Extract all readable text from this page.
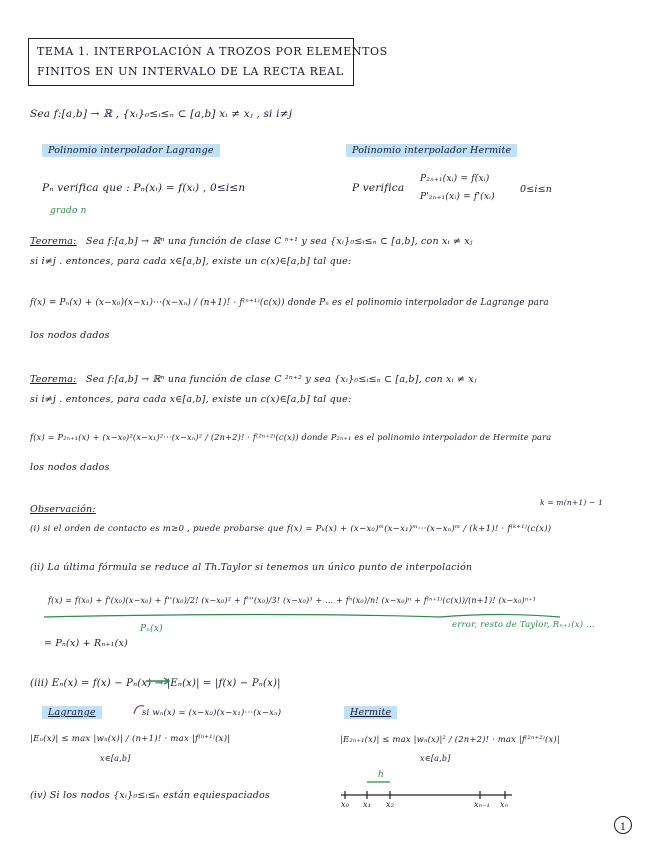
TEMA 1. INTERPOLACIÓN A TROZOS POR ELEMENTOS
FINITOS EN UN INTERVALO DE LA RECTA REAL
Sea f:[a,b] → ℝ , {xᵢ}₀≤ᵢ≤ₙ ⊂ [a,b] xᵢ ≠ xⱼ , si i≠j
Polinomio interpolador Lagrange	Polinomio interpolador Hermite
Pₙ verifica que : Pₙ(xᵢ) = f(xᵢ) , 0≤i≤n
grado n
P verifica
P₂ₙ₊₁(xᵢ) = f(xᵢ)
P'₂ₙ₊₁(xᵢ) = f'(xᵢ)
0≤i≤n
Teorema: Sea f:[a,b] → ℝⁿ una función de clase C ⁿ⁺¹ y sea {xᵢ}₀≤ᵢ≤ₙ ⊂ [a,b], con xᵢ ≠ xⱼ
si i≠j . entonces, para cada x∈[a,b], existe un c(x)∈[a,b] tal que:
f(x) = Pₙ(x) + (x−x₀)(x−x₁)···(x−xₙ) / (n+1)! · f⁽ⁿ⁺¹⁾(c(x)) donde Pₙ es el polinomio interpolador de Lagrange para
los nodos dados
Teorema: Sea f:[a,b] → ℝⁿ una función de clase C ²ⁿ⁺² y sea {xᵢ}₀≤ᵢ≤ₙ ⊂ [a,b], con xᵢ ≠ xⱼ
si i≠j . entonces, para cada x∈[a,b], existe un c(x)∈[a,b] tal que:
f(x) = P₂ₙ₊₁(x) + (x−x₀)²(x−x₁)²···(x−xₙ)² / (2n+2)! · f⁽²ⁿ⁺²⁾(c(x)) donde P₂ₙ₊₁ es el polinomio interpolador de Hermite para
los nodos dados
k = m(n+1) − 1
Observación:
(i) si el orden de contacto es m≥0 , puede probarse que f(x) = Pₖ(x) + (x−x₀)ᵐ(x−x₁)ᵐ···(x−xₙ)ᵐ / (k+1)! · f⁽ᵏ⁺¹⁾(c(x))
(ii) La última fórmula se reduce al Th.Taylor si tenemos un único punto de interpolación
f(x) = f(x₀) + f'(x₀)(x−x₀) + f''(x₀)/2! (x−x₀)² + f'''(x₀)/3! (x−x₀)³ + ... + fⁿ(x₀)/n! (x−x₀)ⁿ + f⁽ⁿ⁺¹⁾(c(x))/(n+1)! (x−x₀)ⁿ⁺¹
Pₙ(x)	error, resto de Taylor, Rₙ₊₁(x) ...
= Pₙ(x) + Rₙ₊₁(x)
(iii) Eₙ(x) = f(x) − Pₙ(x) → |Eₙ(x)| = |f(x) − Pₙ(x)|
Lagrange	si wₙ(x) = (x−x₀)(x−x₁)···(x−xₙ)
|Eₙ(x)| ≤ max |wₙ(x)| / (n+1)! · max |f⁽ⁿ⁺¹⁾(x)|
x∈[a,b]
Hermite
|E₂ₙ₊₁(x)| ≤ max |wₙ(x)|² / (2n+2)! · max |f⁽²ⁿ⁺²⁾(x)|
x∈[a,b]
(iv) Si los nodos {xᵢ}₀≤ᵢ≤ₙ están equiespaciados
h
x₀ x₁ x₂	xₙ₋₁ xₙ
1
